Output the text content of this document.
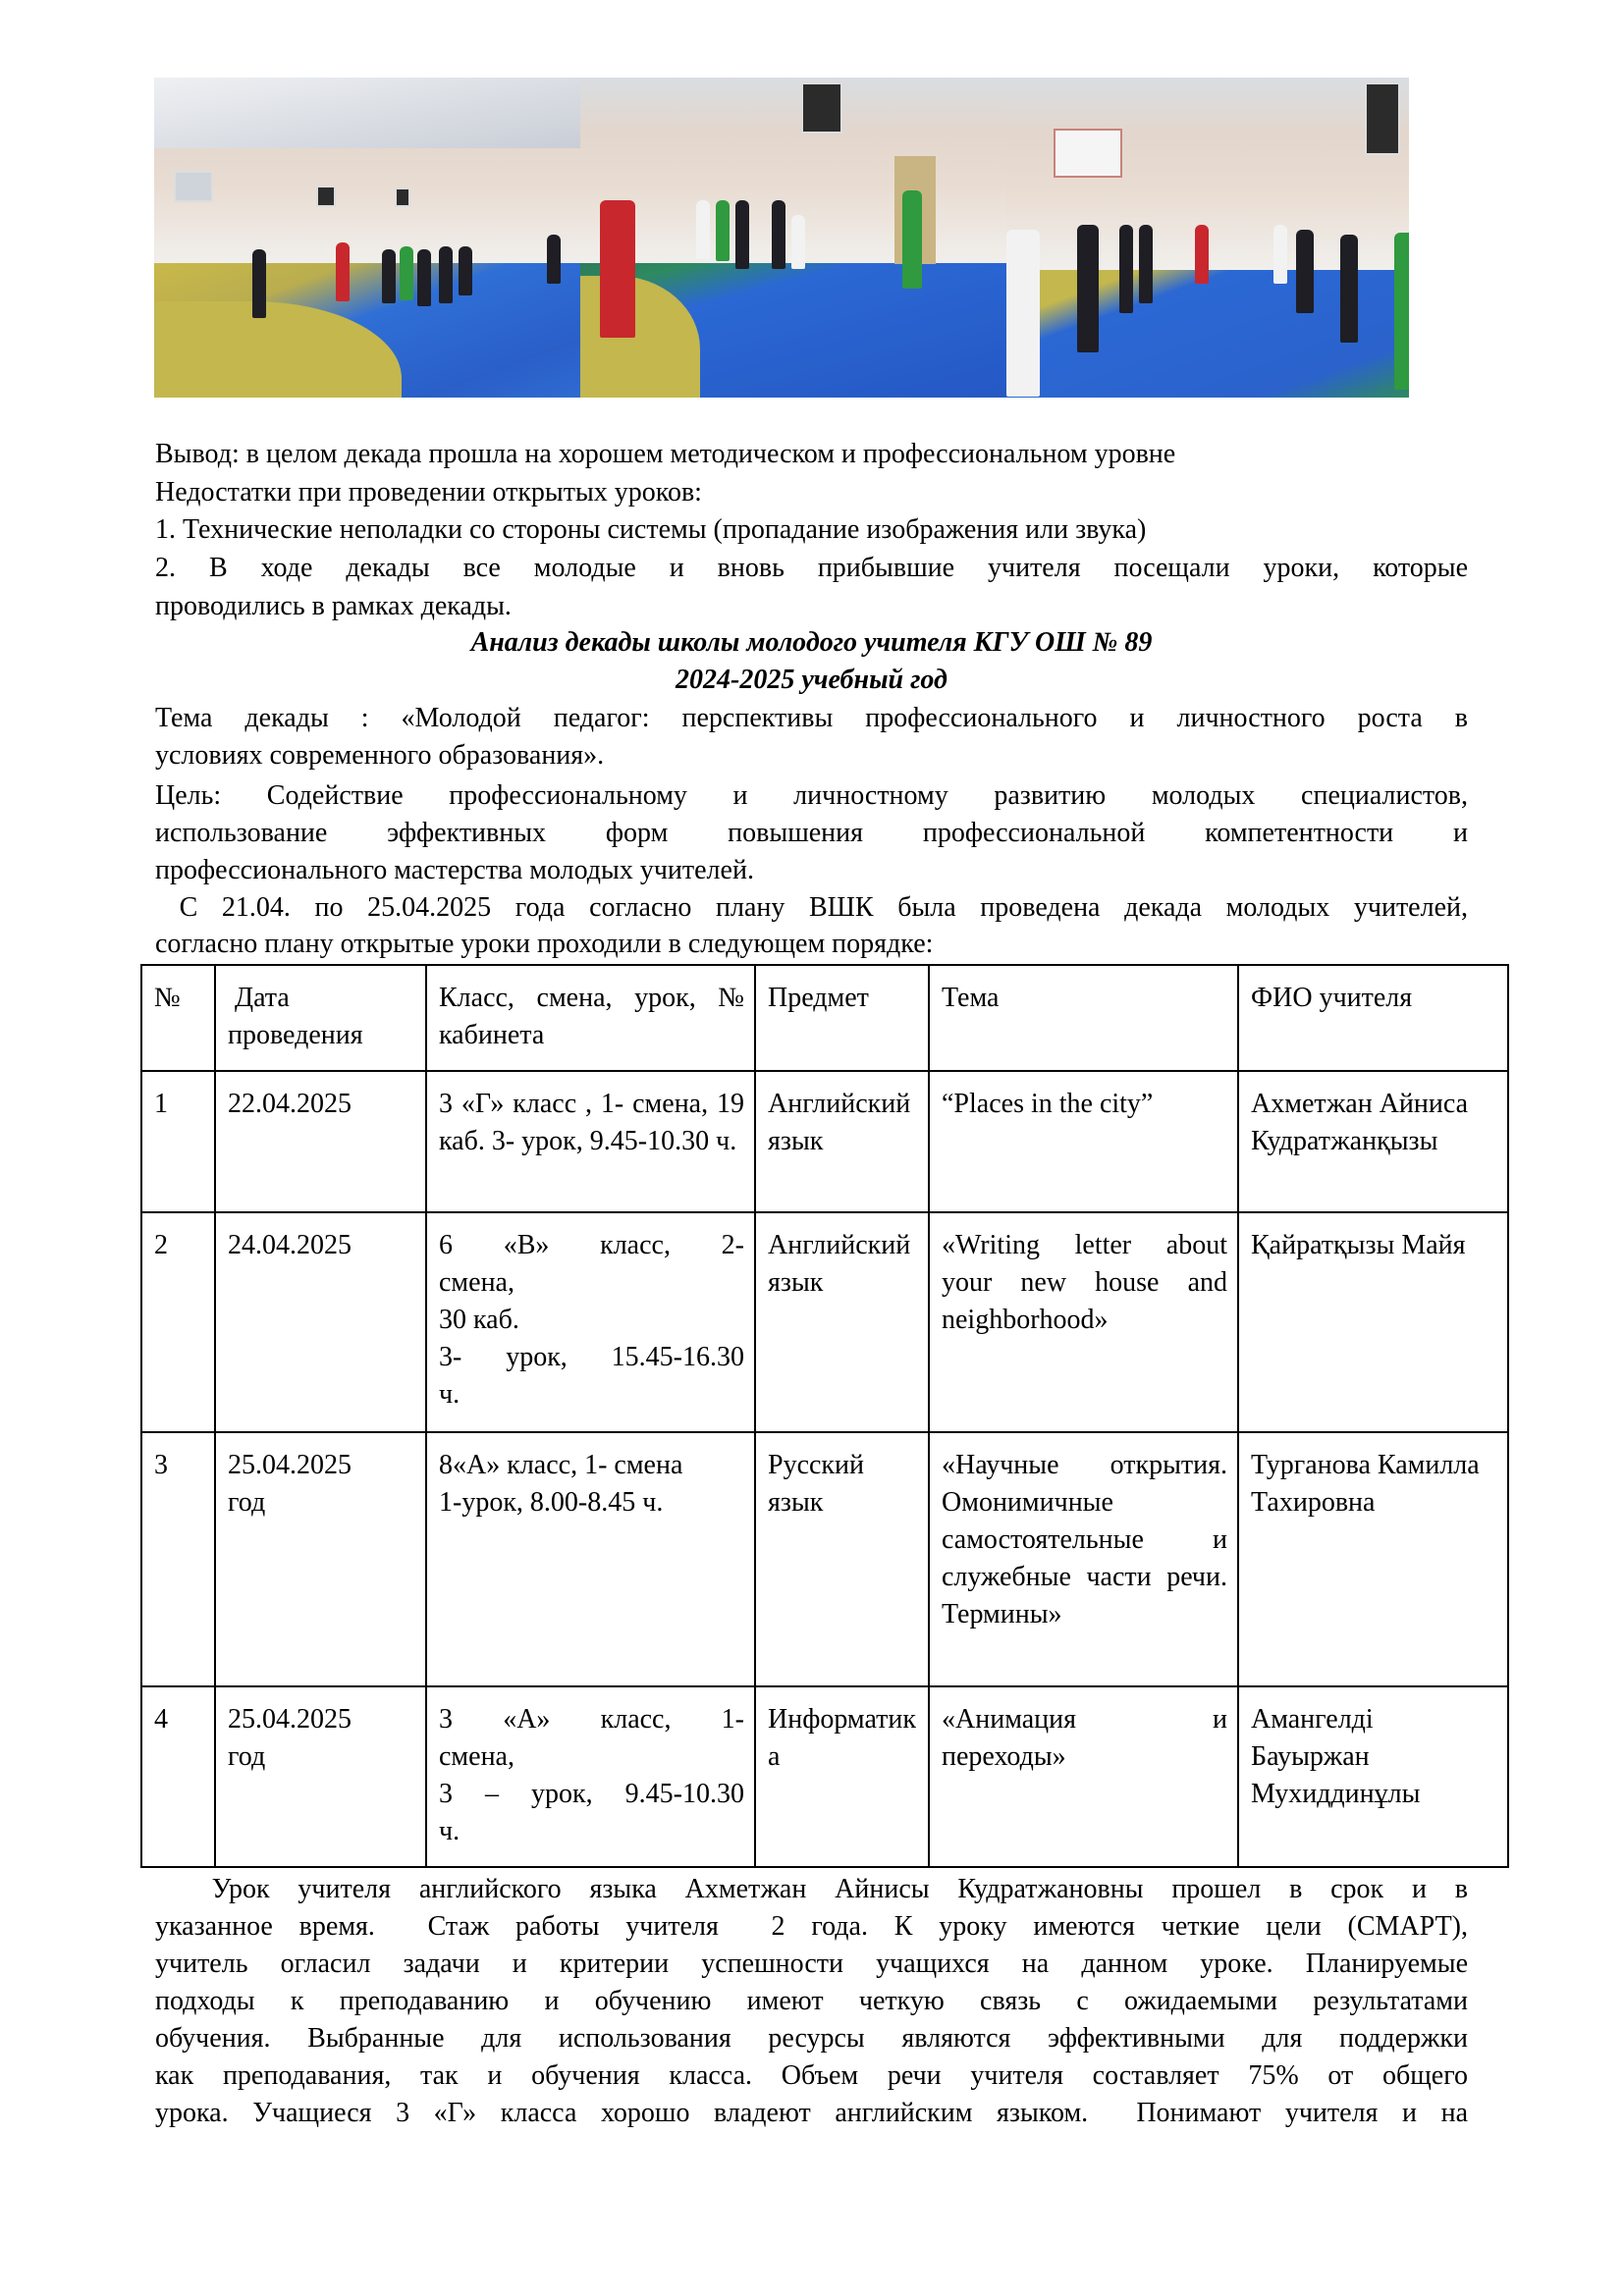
Вывод: в целом декада прошла на хорошем методическом и профессиональном уровне
Недостатки при проведении открытых уроков:
1. Технические неполадки со стороны системы (пропадание изображения или звука)
2. В ходе декады все молодые и вновь прибывшие учителя посещали уроки, которые
проводились в рамках декады.
Анализ декады школы молодого учителя КГУ ОШ № 89
2024-2025 учебный год
Тема декады : «Молодой педагог: перспективы профессионального и личностного роста в
условиях современного образования».
Цель: Содействие профессиональному и личностному развитию молодых специалистов,
использование эффективных форм повышения профессиональной компетентности и
профессионального мастерства молодых учителей.
С 21.04. по 25.04.2025 года согласно плану ВШК была проведена декада молодых учителей,
согласно плану открытые уроки проходили в следующем порядке:
№	Дата проведения	Класс, смена, урок, № кабинета	Предмет	Тема	ФИО учителя
1	22.04.2025	3 «Г» класс , 1- смена, 19 каб. 3- урок, 9.45-10.30 ч.	Английский язык	“Places in the city”	Ахметжан Айниса Кудратжанқызы
2	24.04.2025	6 «В» класс, 2-
смена,
30 каб.
3- урок, 15.45-16.30
ч.	Английский язык	«Writing letter about your new house and neighborhood»	Қайратқызы Майя
3	25.04.2025 год	8«А» класс, 1- смена
1-урок, 8.00-8.45 ч.	Русский язык	«Научные открытия. Омонимичные самостоятельные и служебные части речи. Термины»	Турганова Камилла Тахировна
4	25.04.2025 год	3 «А» класс, 1-
смена,
3 – урок, 9.45-10.30
ч.	Информатика	«Анимация и переходы»	Амангелді Бауыржан Мухиддинұлы
Урок учителя английского языка Ахметжан Айнисы Кудратжановны прошел в срок и в
указанное время.  Стаж работы учителя  2 года. К уроку имеются четкие цели (СМАРТ),
учитель огласил задачи и критерии успешности учащихся на данном уроке. Планируемые
подходы к преподаванию и обучению имеют четкую связь с ожидаемыми результатами
обучения. Выбранные для использования ресурсы являются эффективными для поддержки
как преподавания, так и обучения класса. Объем речи учителя составляет 75% от общего
урока. Учащиеся 3 «Г» класса хорошо владеют английским языком.  Понимают учителя и на
